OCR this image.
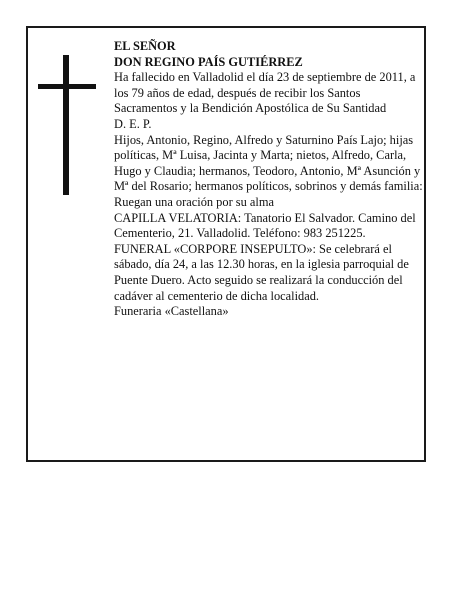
EL SEÑOR

DON REGINO PAÍS GUTIÉRREZ

Ha fallecido en Valladolid el día 23 de septiembre de 2011, a los 79 años de edad, después de recibir los Santos Sacramentos y la Bendición Apostólica de Su Santidad

D. E. P.

Hijos, Antonio, Regino, Alfredo y Saturnino País Lajo; hijas políticas, Mª Luisa, Jacinta y Marta; nietos, Alfredo, Carla, Hugo y Claudia; hermanos, Teodoro, Antonio, Mª Asunción y Mª del Rosario; hermanos políticos, sobrinos y demás familia:

Ruegan una oración por su alma

CAPILLA VELATORIA: Tanatorio El Salvador. Camino del Cementerio, 21. Valladolid. Teléfono: 983 251225.

FUNERAL «CORPORE INSEPULTO»: Se celebrará el sábado, día 24, a las 12.30 horas, en la iglesia parroquial de Puente Duero. Acto seguido se realizará la conducción del cadáver al cementerio de dicha localidad.

Funeraria «Castellana»
